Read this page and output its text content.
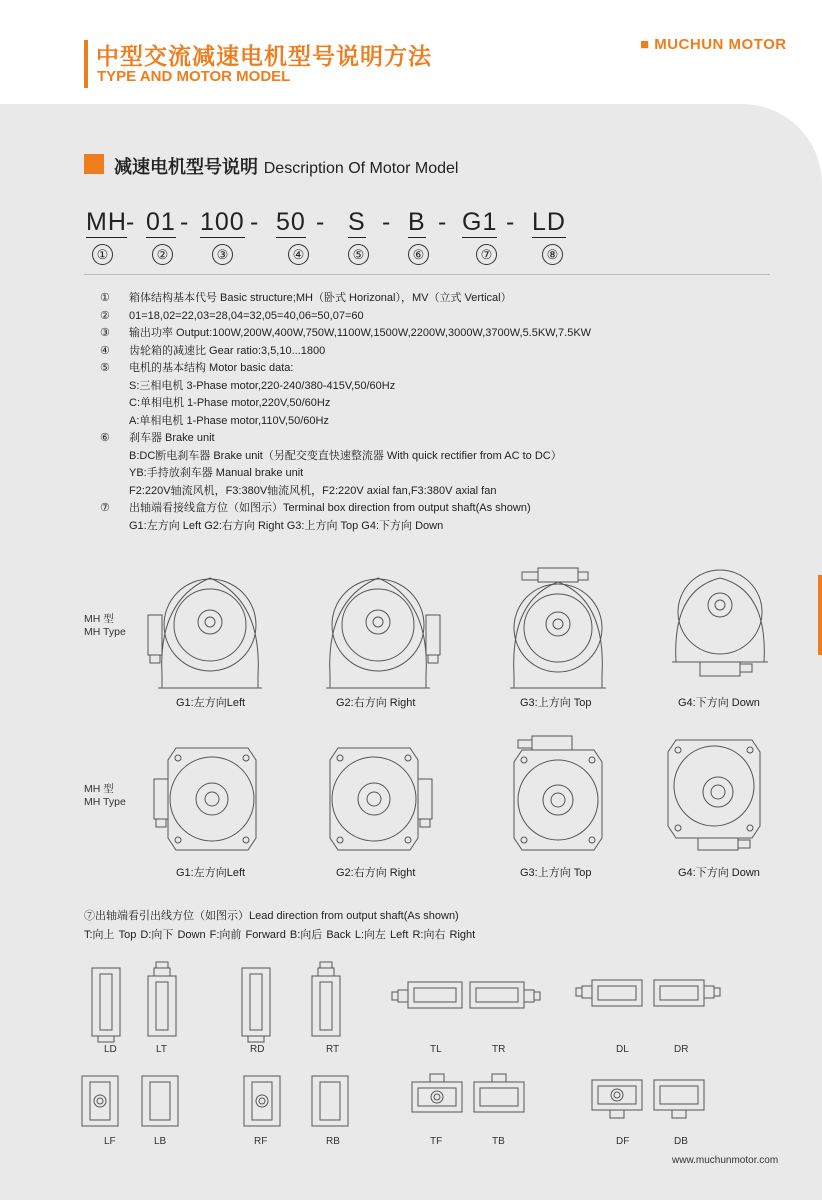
中型交流减速电机型号说明方法
TYPE AND MOTOR MODEL
■ MUCHUN MOTOR
减速电机型号说明 Description Of Motor Model
MH - 01 - 100 - 50 - S - B - G1 - LD
①	②	③	④	⑤	⑥	⑦	⑧
①	箱体结构基本代号 Basic structure;MH（卧式 Horizonal），MV（立式 Vertical）
②	01=18,02=22,03=28,04=32,05=40,06=50,07=60
③	输出功率 Output:100W,200W,400W,750W,1100W,1500W,2200W,3000W,3700W,5.5KW,7.5KW
④	齿轮箱的减速比 Gear ratio:3,5,10...1800
⑤	电机的基本结构 Motor basic data:
S:三相电机 3-Phase motor,220-240/380-415V,50/60Hz
C:单相电机 1-Phase motor,220V,50/60Hz
A:单相电机 1-Phase motor,110V,50/60Hz
⑥	刹车器 Brake unit
B:DC断电刹车器 Brake unit（另配交变直快速整流器 With quick rectifier from AC to DC）
YB:手持放刹车器 Manual brake unit
F2:220V轴流风机，F3:380V轴流风机，F2:220V axial fan,F3:380V axial fan
⑦	出轴端看接线盒方位（如图示）Terminal box direction from output shaft(As shown)
G1:左方向 Left G2:右方向 Right G3:上方向 Top G4:下方向 Down
MH 型
MH Type
MH 型
MH Type
G1:左方向Left	G2:右方向 Right	G3:上方向 Top	G4:下方向 Down
G1:左方向Left	G2:右方向 Right	G3:上方向 Top	G4:下方向 Down
⑦出轴端看引出线方位（如图示）Lead direction from output shaft(As shown)
T:向上 Top D:向下 Down F:向前 Forward B:向后 Back L:向左 Left R:向右 Right
LD	LT	RD	RT	TL	TR	DL	DR
LF	LB	RF	RB	TF	TB	DF	DB
www.muchunmotor.com
